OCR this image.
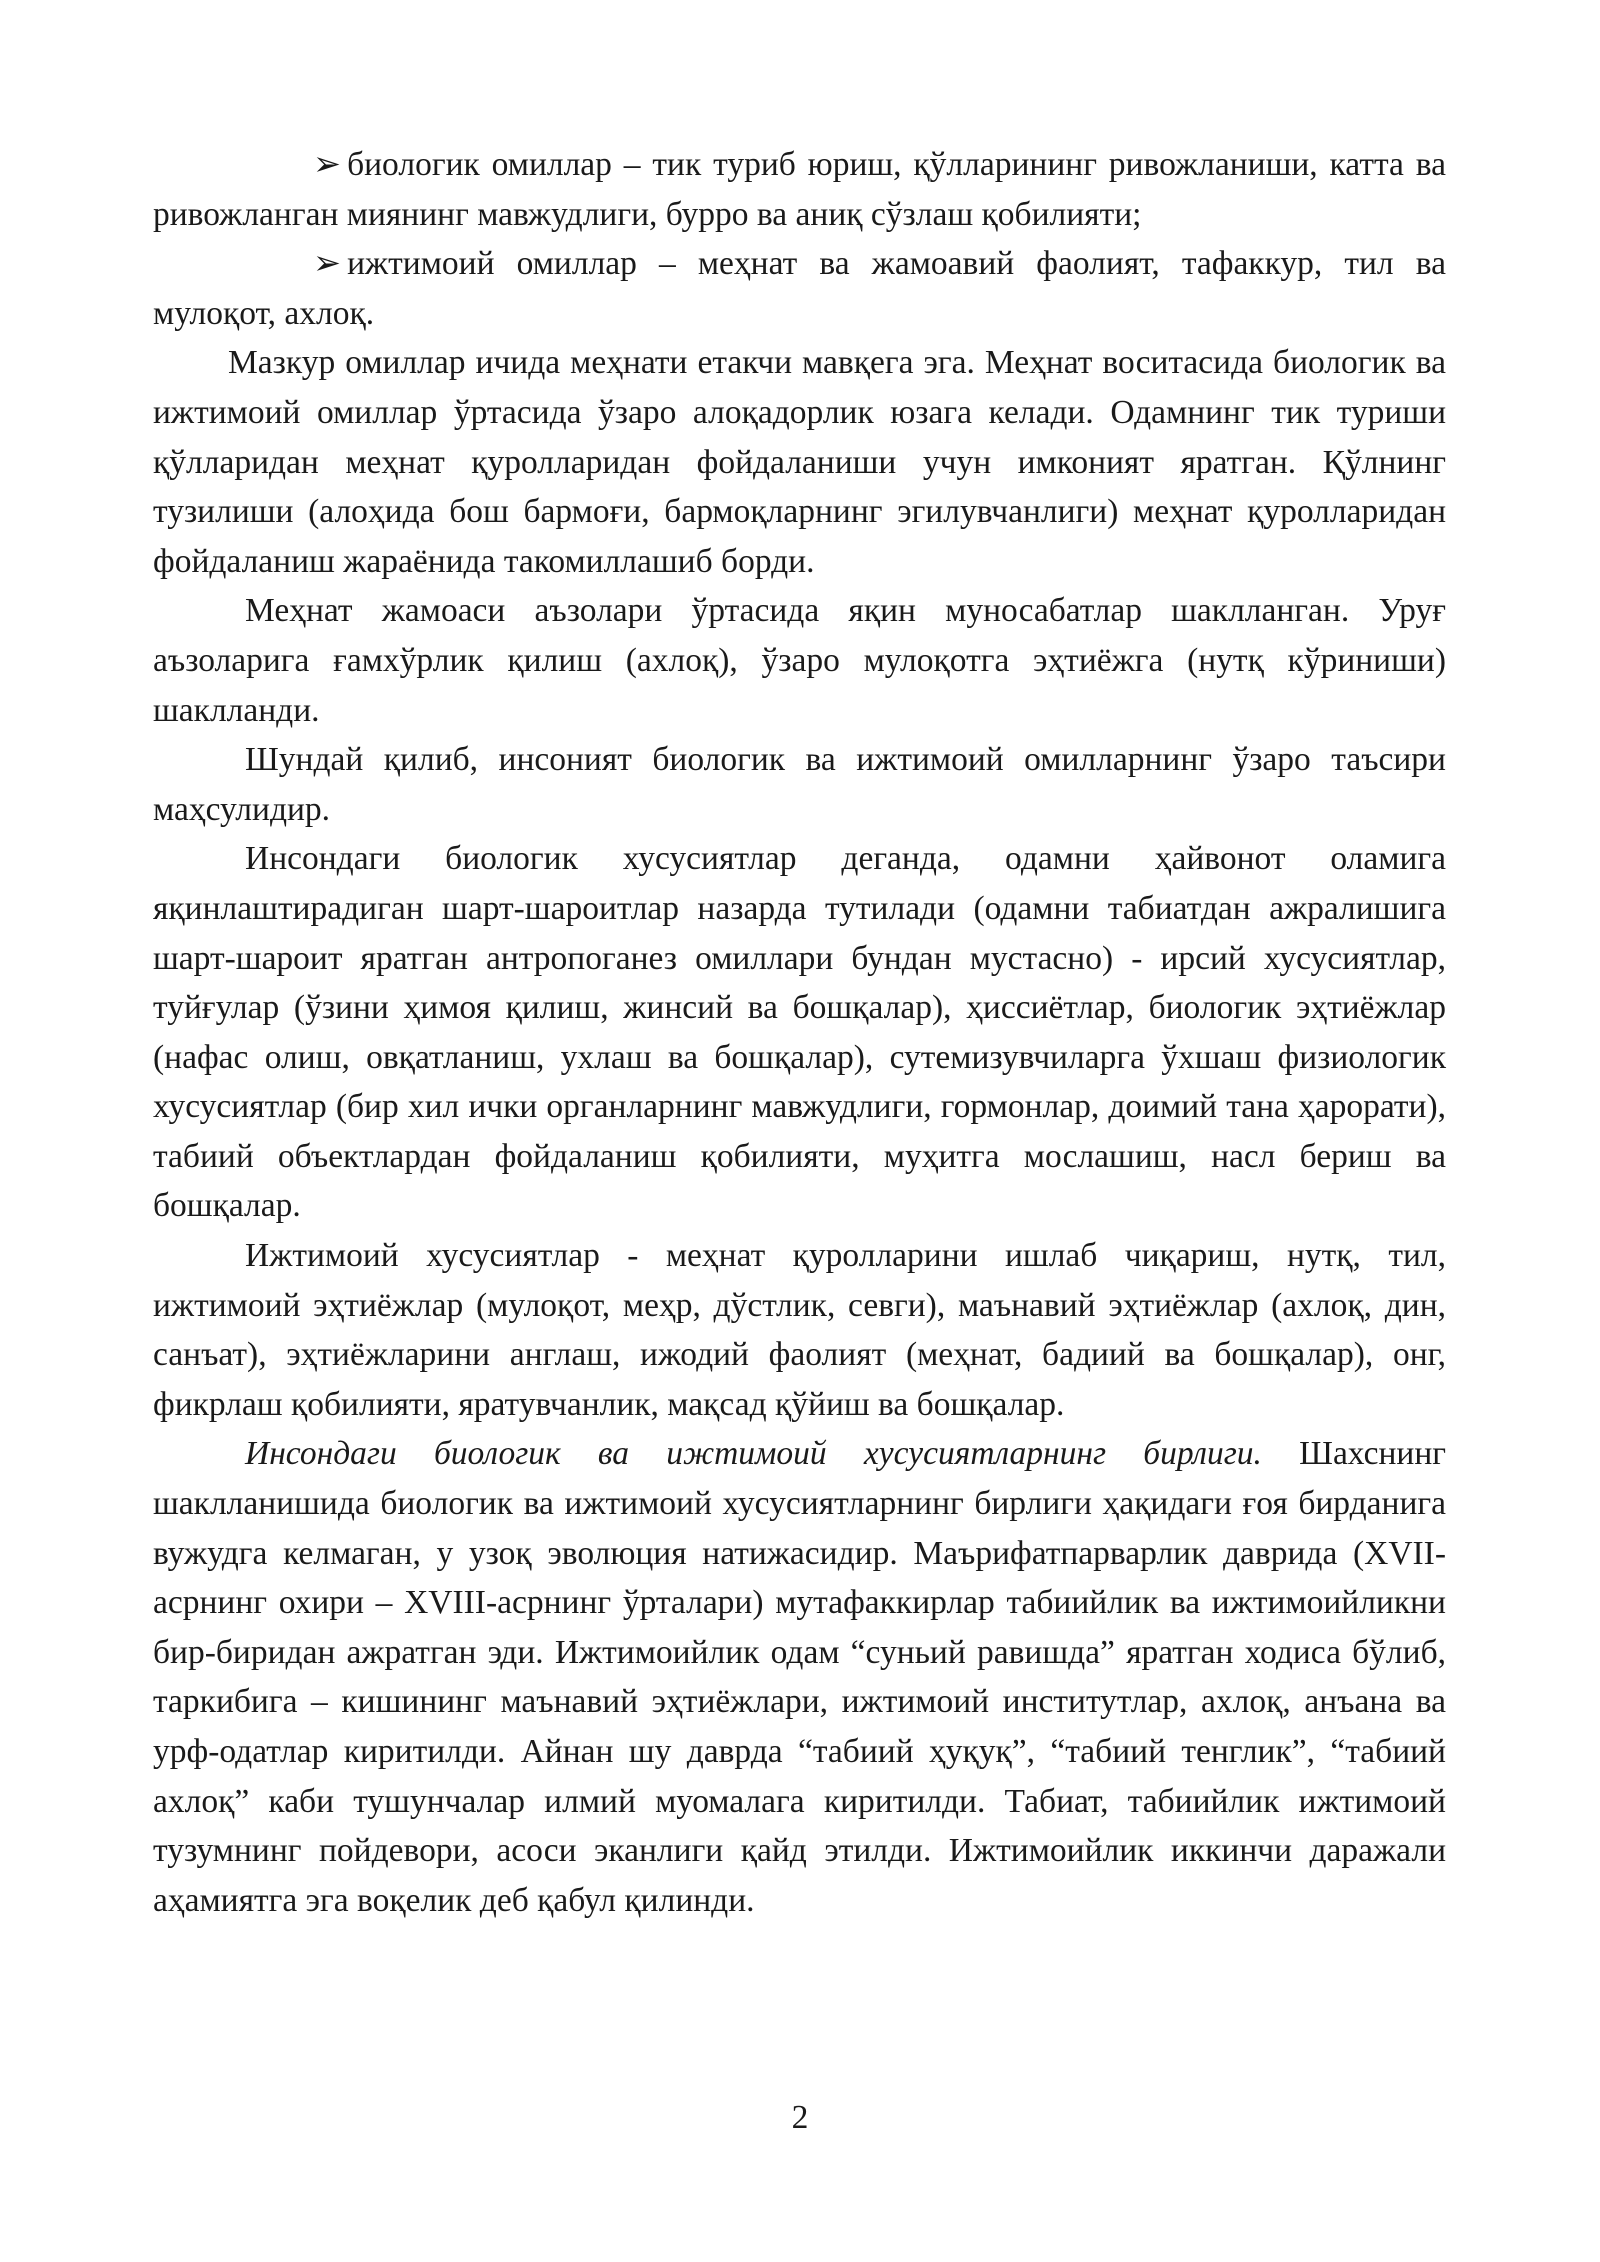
➢ биологик омиллар – тик туриб юриш, қўлларининг ривожланиши, катта ва ривожланган миянинг мавжудлиги, бурро ва аниқ сўзлаш қобилияти;

➢ ижтимоий омиллар – меҳнат ва жамоавий фаолият, тафаккур, тил ва мулоқот, ахлоқ.

Мазкур омиллар ичида меҳнати етакчи мавқега эга. Меҳнат воситасида биологик ва ижтимоий омиллар ўртасида ўзаро алоқадорлик юзага келади. Одамнинг тик туриши қўлларидан меҳнат қуролларидан фойдаланиши учун имконият яратган. Қўлнинг тузилиши (алоҳида бош бармоғи, бармоқларнинг эгилувчанлиги) меҳнат қуролларидан фойдаланиш жараёнида такомиллашиб борди.

Меҳнат жамоаси аъзолари ўртасида яқин муносабатлар шаклланган. Уруғ аъзоларига ғамхўрлик қилиш (ахлоқ), ўзаро мулоқотга эҳтиёжга (нутқ кўриниши) шаклланди.

Шундай қилиб, инсоният биологик ва ижтимоий омилларнинг ўзаро таъсири маҳсулидир.

Инсондаги биологик хусусиятлар деганда, одамни ҳайвонот оламига яқинлаштирадиган шарт-шароитлар назарда тутилади (одамни табиатдан ажралишига шарт-шароит яратган антропоганез омиллари бундан мустасно) - ирсий хусусиятлар, туйғулар (ўзини ҳимоя қилиш, жинсий ва бошқалар), ҳиссиётлар, биологик эҳтиёжлар (нафас олиш, овқатланиш, ухлаш ва бошқалар), сутемизувчиларга ўхшаш физиологик хусусиятлар (бир хил ички органларнинг мавжудлиги, гормонлар, доимий тана ҳарорати), табиий объектлардан фойдаланиш қобилияти, муҳитга мослашиш, насл бериш ва бошқалар.

Ижтимоий хусусиятлар - меҳнат қуролларини ишлаб чиқариш, нутқ, тил, ижтимоий эҳтиёжлар (мулоқот, меҳр, дўстлик, севги), маънавий эҳтиёжлар (ахлоқ, дин, санъат), эҳтиёжларини англаш, ижодий фаолият (меҳнат, бадиий ва бошқалар), онг, фикрлаш қобилияти, яратувчанлик, мақсад қўйиш ва бошқалар.

Инсондаги биологик ва ижтимоий хусусиятларнинг бирлиги. Шахснинг шаклланишида биологик ва ижтимоий хусусиятларнинг бирлиги ҳақидаги ғоя бирданига вужудга келмаган, у узоқ эволюция натижасидир. Маърифатпарварлик даврида (XVII-асрнинг охири – XVIII-асрнинг ўрталари) мутафаккирлар табиийлик ва ижтимоийликни бир-биридан ажратган эди. Ижтимоийлик одам “суньий равишда” яратган ходиса бўлиб, таркибига – кишининг маънавий эҳтиёжлари, ижтимоий институтлар, ахлоқ, анъана ва урф-одатлар киритилди. Айнан шу даврда “табиий ҳуқуқ”, “табиий тенглик”, “табиий ахлоқ” каби тушунчалар илмий муомалага киритилди. Табиат, табиийлик ижтимоий тузумнинг пойдевори, асоси эканлиги қайд этилди. Ижтимоийлик иккинчи даражали аҳамиятга эга воқелик деб қабул қилинди.

2
